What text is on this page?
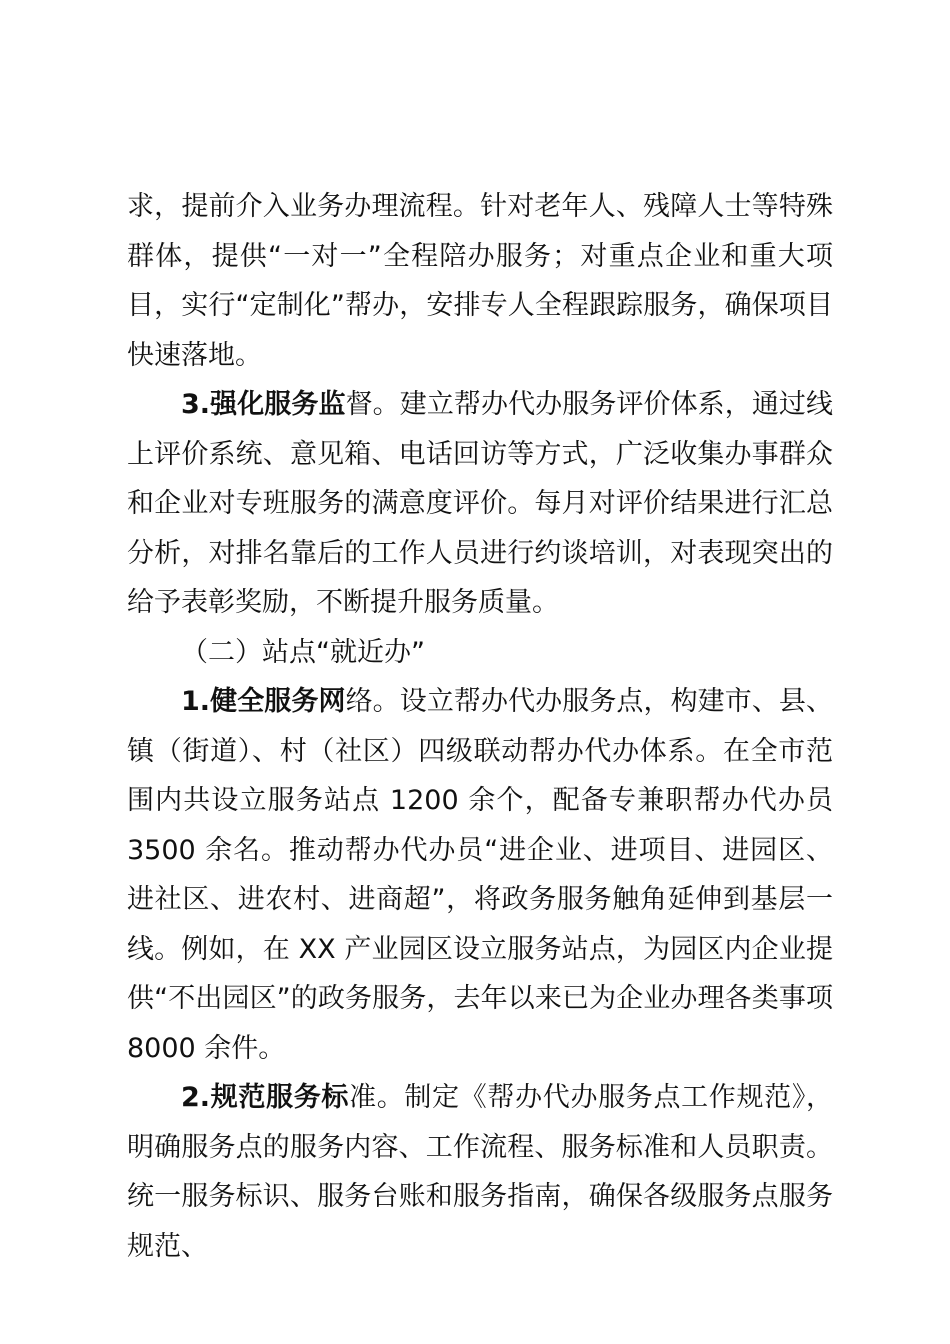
求，提前介入业务办理流程。针对老年人、残障人士等特殊群体，提供“一对一”全程陪办服务；对重点企业和重大项目，实行“定制化”帮办，安排专人全程跟踪服务，确保项目快速落地。

3.强化服务监督。建立帮办代办服务评价体系，通过线上评价系统、意见箱、电话回访等方式，广泛收集办事群众和企业对专班服务的满意度评价。每月对评价结果进行汇总分析，对排名靠后的工作人员进行约谈培训，对表现突出的给予表彰奖励，不断提升服务质量。

（二）站点“就近办”

1.健全服务网络。设立帮办代办服务点，构建市、县、镇（街道）、村（社区）四级联动帮办代办体系。在全市范围内共设立服务站点 1200 余个，配备专兼职帮办代办员 3500 余名。推动帮办代办员“进企业、进项目、进园区、进社区、进农村、进商超”，将政务服务触角延伸到基层一线。例如，在 XX 产业园区设立服务站点，为园区内企业提供“不出园区”的政务服务，去年以来已为企业办理各类事项 8000 余件。

2.规范服务标准。制定《帮办代办服务点工作规范》，明确服务点的服务内容、工作流程、服务标准和人员职责。统一服务标识、服务台账和服务指南，确保各级服务点服务规范、
